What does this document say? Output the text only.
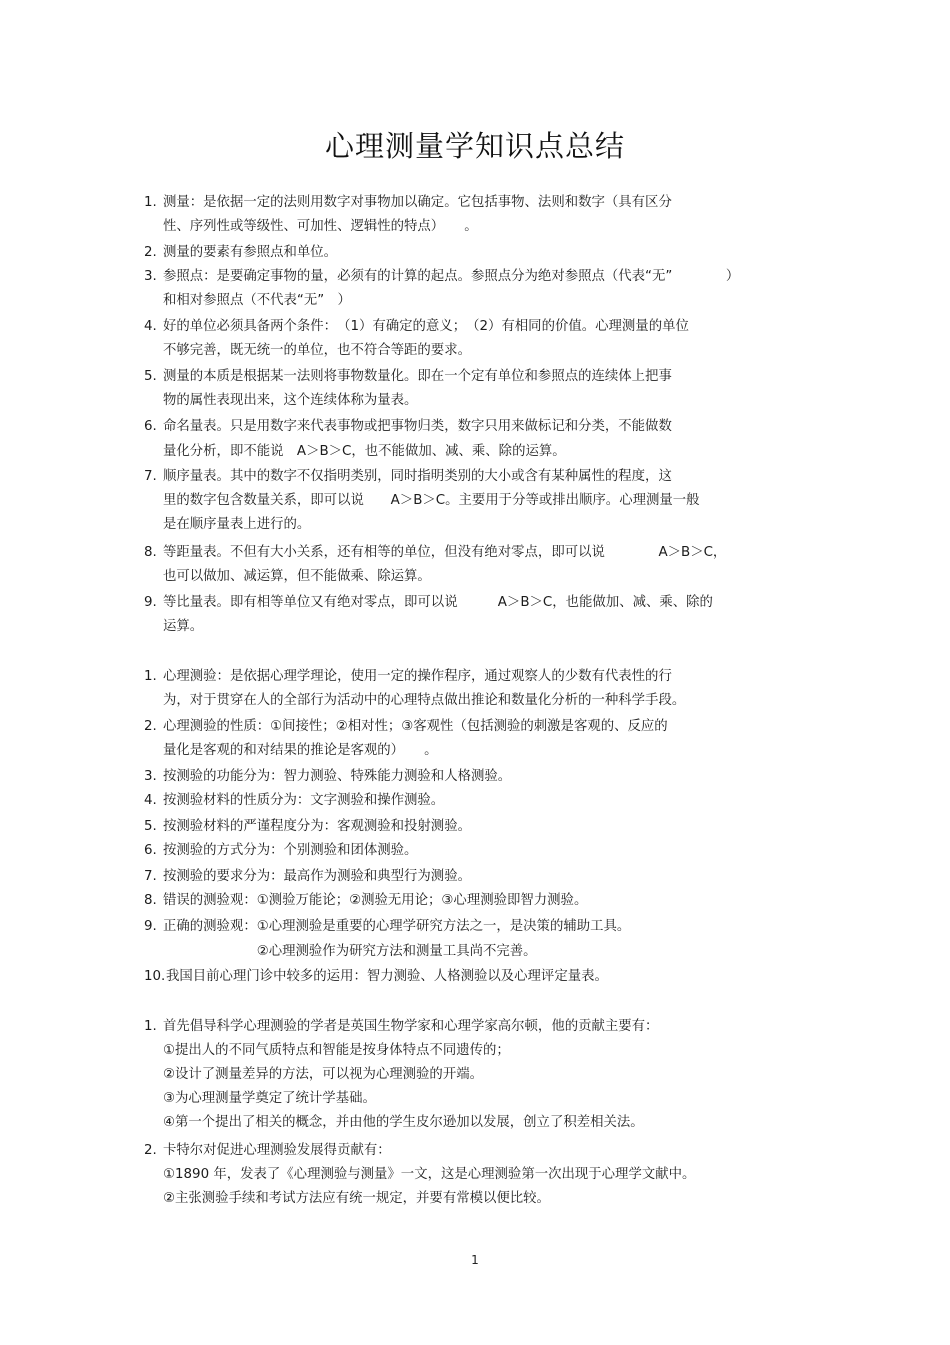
心理测量学知识点总结
1. 测量：是依据一定的法则用数字对事物加以确定。它包括事物、法则和数字（具有区分
性、序列性或等级性、可加性、逻辑性的特点）　　。
2. 测量的要素有参照点和单位。
3. 参照点：是要确定事物的量，必须有的计算的起点。参照点分为绝对参照点（代表“无”　　　　）
和相对参照点（不代表“无”　）
4. 好的单位必须具备两个条件：　（1）有确定的意义；　（2）有相同的价值。心理测量的单位
不够完善，既无统一的单位，也不符合等距的要求。
5. 测量的本质是根据某一法则将事物数量化。即在一个定有单位和参照点的连续体上把事
物的属性表现出来，这个连续体称为量表。
6. 命名量表。只是用数字来代表事物或把事物归类，数字只用来做标记和分类，不能做数
量化分析，即不能说　A＞B＞C，也不能做加、减、乘、除的运算。
7. 顺序量表。其中的数字不仅指明类别，同时指明类别的大小或含有某种属性的程度，这
里的数字包含数量关系，即可以说　　A＞B＞C。主要用于分等或排出顺序。心理测量一般
是在顺序量表上进行的。
8. 等距量表。不但有大小关系，还有相等的单位，但没有绝对零点，即可以说　　　　A＞B＞C，
也可以做加、减运算，但不能做乘、除运算。
9. 等比量表。即有相等单位又有绝对零点，即可以说　　　A＞B＞C，也能做加、减、乘、除的
运算。
1. 心理测验：是依据心理学理论，使用一定的操作程序，通过观察人的少数有代表性的行
为，对于贯穿在人的全部行为活动中的心理特点做出推论和数量化分析的一种科学手段。
2. 心理测验的性质：①间接性；②相对性；③客观性（包括测验的刺激是客观的、反应的
量化是客观的和对结果的推论是客观的）　　。
3. 按测验的功能分为：智力测验、特殊能力测验和人格测验。
4. 按测验材料的性质分为：文字测验和操作测验。
5. 按测验材料的严谨程度分为：客观测验和投射测验。
6. 按测验的方式分为：个别测验和团体测验。
7. 按测验的要求分为：最高作为测验和典型行为测验。
8. 错误的测验观：①测验万能论；②测验无用论；③心理测验即智力测验。
9. 正确的测验观：①心理测验是重要的心理学研究方法之一，是决策的辅助工具。
　　　　　　　②心理测验作为研究方法和测量工具尚不完善。
10. 我国目前心理门诊中较多的运用：智力测验、人格测验以及心理评定量表。
1. 首先倡导科学心理测验的学者是英国生物学家和心理学家高尔顿，他的贡献主要有：
①提出人的不同气质特点和智能是按身体特点不同遗传的；
②设计了测量差异的方法，可以视为心理测验的开端。
③为心理测量学奠定了统计学基础。
④第一个提出了相关的概念，并由他的学生皮尔逊加以发展，创立了积差相关法。
2. 卡特尔对促进心理测验发展得贡献有：
①1890 年，发表了《心理测验与测量》一文，这是心理测验第一次出现于心理学文献中。
②主张测验手续和考试方法应有统一规定，并要有常模以便比较。
1
